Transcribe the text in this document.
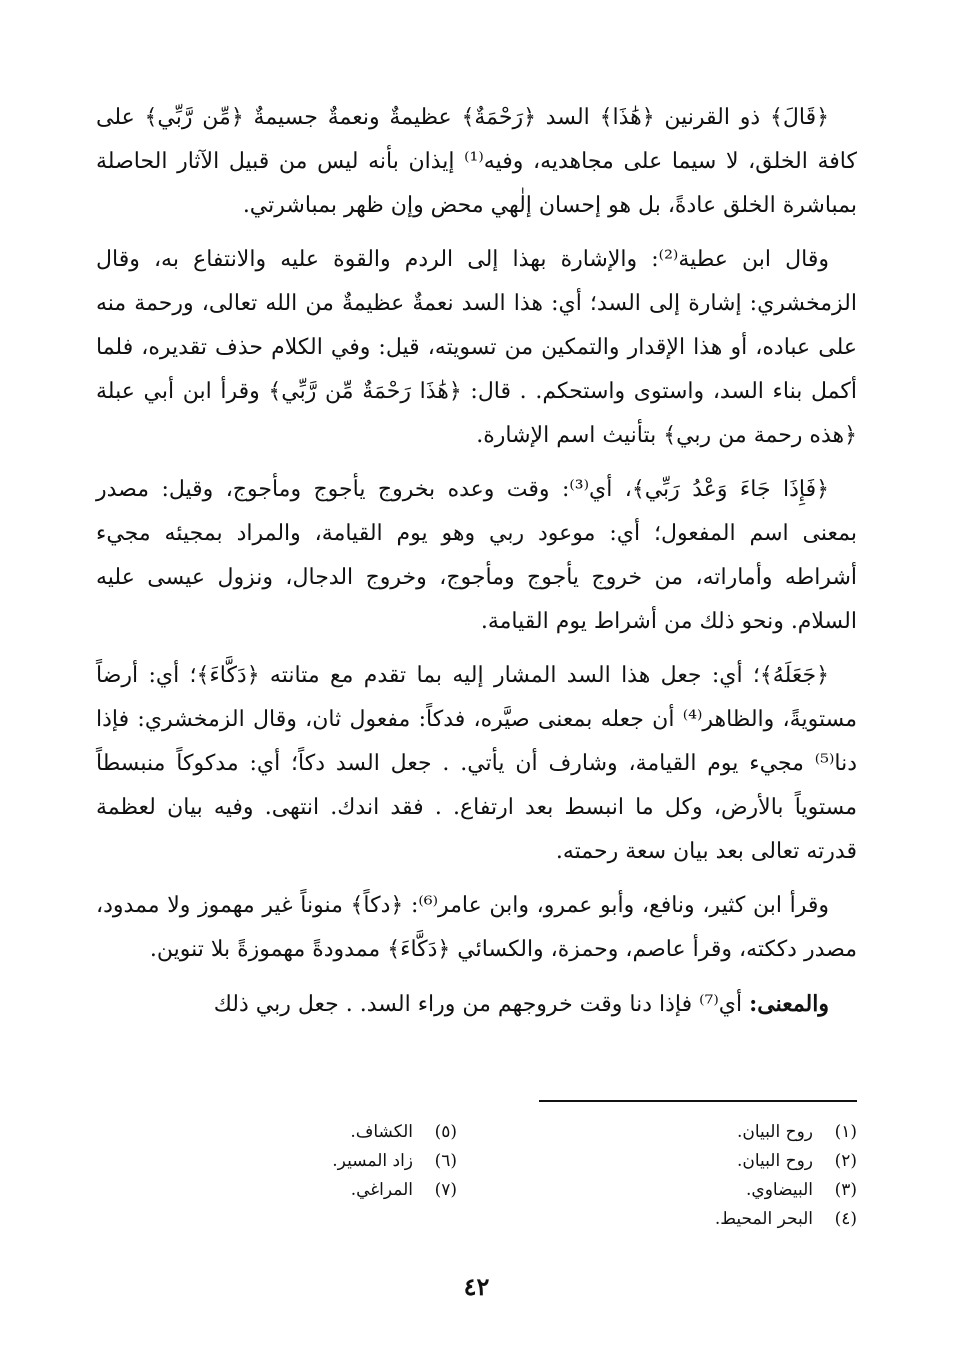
﴿قَالَ﴾ ذو القرنين ﴿هَٰذَا﴾ السد ﴿رَحْمَةٌ﴾ عظيمةٌ ونعمةٌ جسيمةٌ ﴿مِّن رَّبِّي﴾ على كافة الخلق، لا سيما على مجاهديه، وفيه⁽¹⁾ إيذان بأنه ليس من قبيل الآثار الحاصلة بمباشرة الخلق عادةً، بل هو إحسان إلٰهي محض وإن ظهر بمباشرتي.

وقال ابن عطية⁽²⁾: والإشارة بهذا إلى الردم والقوة عليه والانتفاع به، وقال الزمخشري: إشارة إلى السد؛ أي: هذا السد نعمةٌ عظيمةٌ من الله تعالى، ورحمة منه على عباده، أو هذا الإقدار والتمكين من تسويته، قيل: وفي الكلام حذف تقديره، فلما أكمل بناء السد، واستوى واستحكم. . قال: ﴿هَٰذَا رَحْمَةٌ مِّن رَّبِّي﴾ وقرأ ابن أبي عبلة ﴿هذه رحمة من ربي﴾ بتأنيث اسم الإشارة.

﴿فَإِذَا جَاءَ وَعْدُ رَبِّي﴾، أي⁽³⁾: وقت وعده بخروج يأجوج ومأجوج، وقيل: مصدر بمعنى اسم المفعول؛ أي: موعود ربي وهو يوم القيامة، والمراد بمجيئه مجيء أشراطه وأماراته، من خروج يأجوج ومأجوج، وخروج الدجال، ونزول عيسى عليه السلام. ونحو ذلك من أشراط يوم القيامة.

﴿جَعَلَهُ﴾؛ أي: جعل هذا السد المشار إليه بما تقدم مع متانته ﴿دَكَّاءَ﴾؛ أي: أرضاً مستويةً، والظاهر⁽⁴⁾ أن جعله بمعنى صيَّره، فدكاً: مفعول ثان، وقال الزمخشري: فإذا دنا⁽⁵⁾ مجيء يوم القيامة، وشارف أن يأتي. . جعل السد دكاً؛ أي: مدكوكاً منبسطاً مستوياً بالأرض، وكل ما انبسط بعد ارتفاع. . فقد اندك. انتهى. وفيه بيان لعظمة قدرته تعالى بعد بيان سعة رحمته.

وقرأ ابن كثير، ونافع، وأبو عمرو، وابن عامر⁽⁶⁾: ﴿دكاً﴾ منوناً غير مهموز ولا ممدود، مصدر دككته، وقرأ عاصم، وحمزة، والكسائي ﴿دَكَّاءَ﴾ ممدودةً مهموزةً بلا تنوين.

والمعنى: أي⁽⁷⁾ فإذا دنا وقت خروجهم من وراء السد. . جعل ربي ذلك

(١)روح البيان.
(٢)روح البيان.
(٣)البيضاوي.
(٤)البحر المحيط.
(٥)الكشاف.
(٦)زاد المسير.
(٧)المراغي.
٤٢
